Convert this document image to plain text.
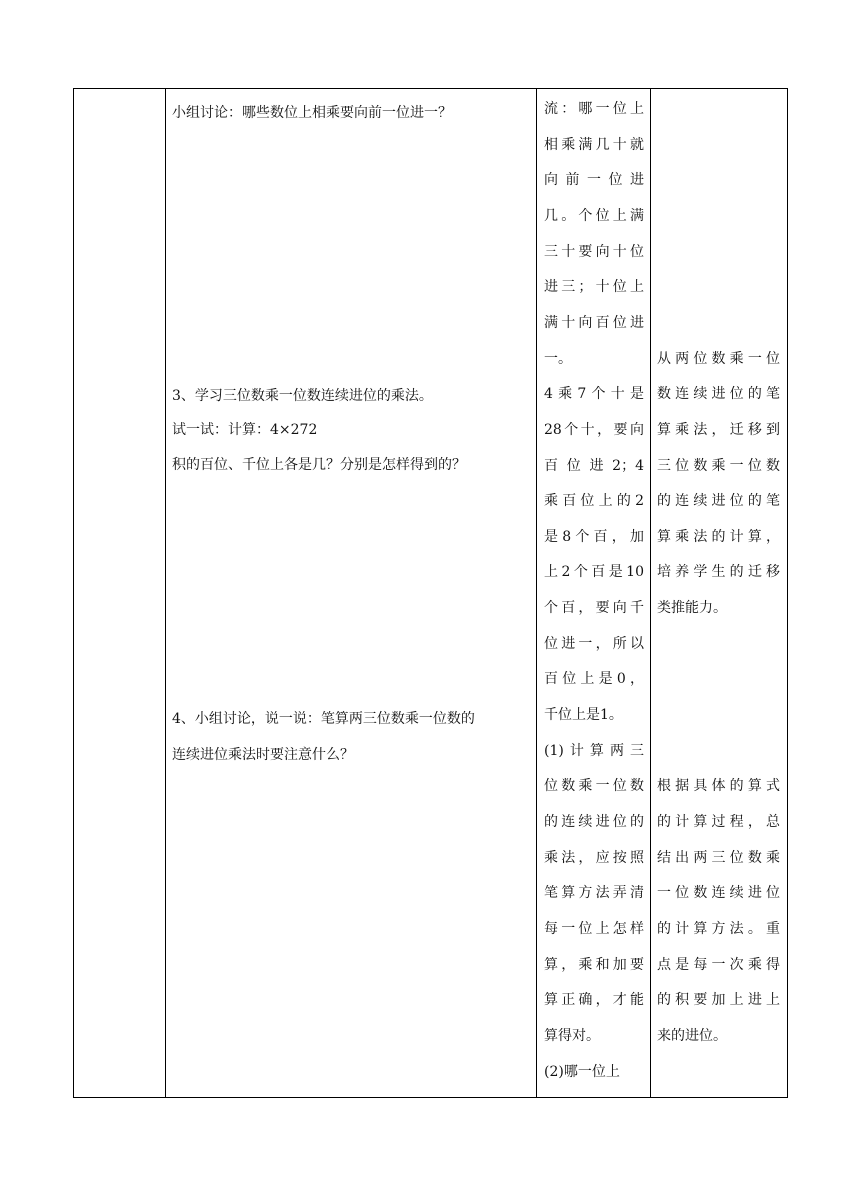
小组讨论：哪些数位上相乘要向前一位进一？
3、学习三位数乘一位数连续进位的乘法。
试一试：计算：4×272
积的百位、千位上各是几？分别是怎样得到的？
4、小组讨论，说一说：笔算两三位数乘一位数的
连续进位乘法时要注意什么？
流：哪一位上
相乘满几十就
向前一位进
几。个位上满
三十要向十位
进三；十位上
满十向百位进
一。
4乘7个十是
28个十，要向
百位进2；4
乘百位上的2
是8个百，加
上2个百是10
个百，要向千
位进一，所以
百位上是0，
千位上是1。
(1)计算两三
位数乘一位数
的连续进位的
乘法，应按照
笔算方法弄清
每一位上怎样
算，乘和加要
算正确，才能
算得对。
(2)哪一位上
从两位数乘一位
数连续进位的笔
算乘法，迁移到
三位数乘一位数
的连续进位的笔
算乘法的计算，
培养学生的迁移
类推能力。
根据具体的算式
的计算过程，总
结出两三位数乘
一位数连续进位
的计算方法。重
点是每一次乘得
的积要加上进上
来的进位。
